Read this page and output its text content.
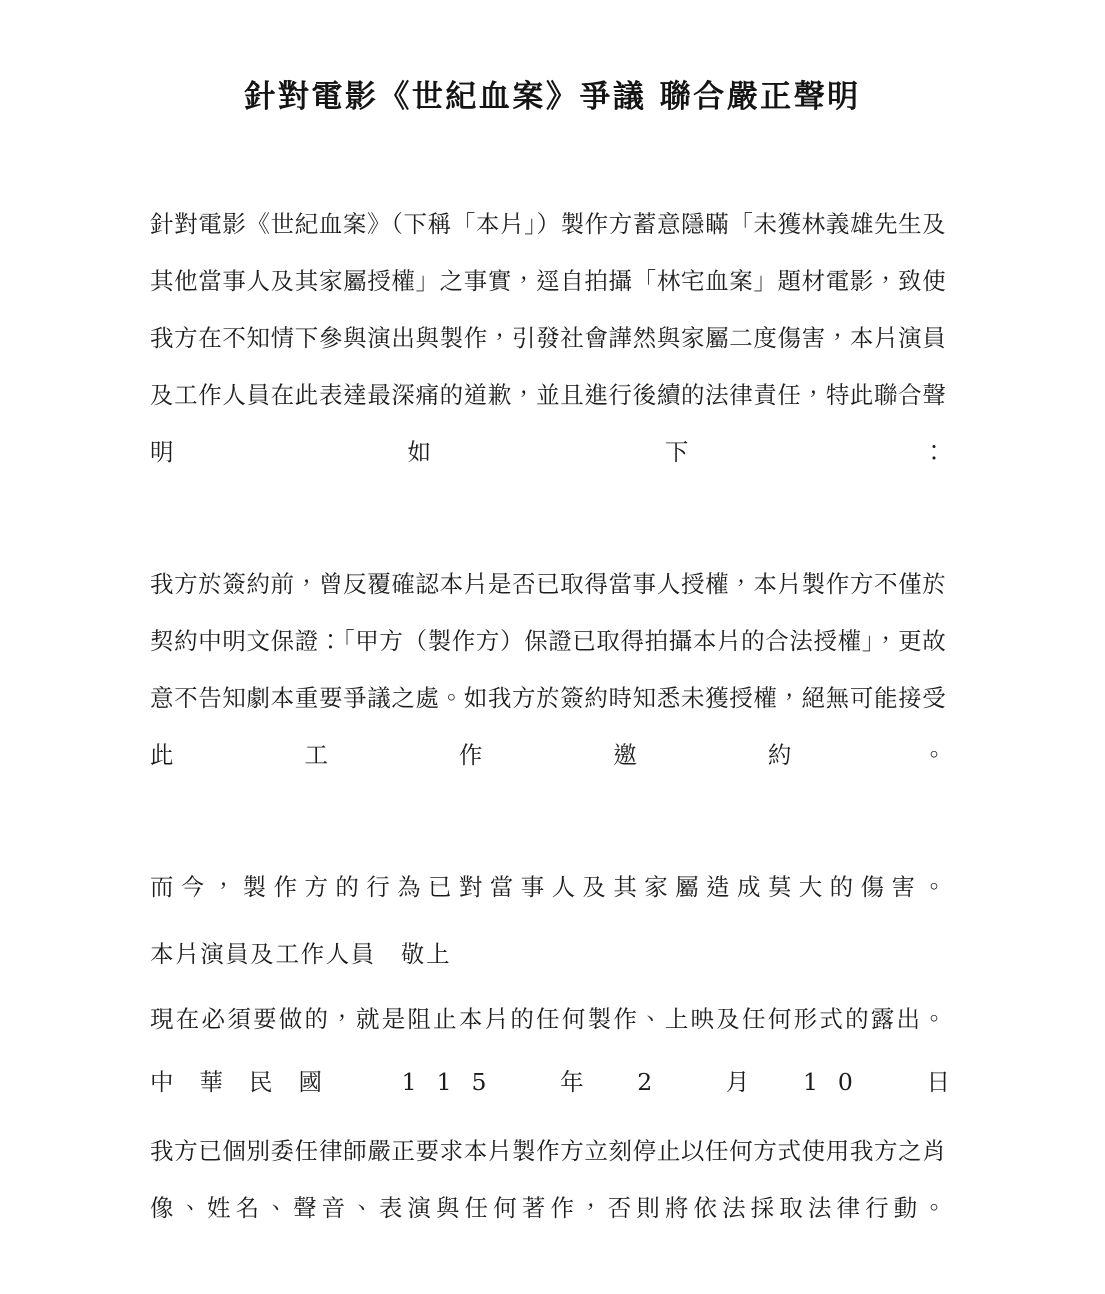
針對電影《世紀血案》爭議 聯合嚴正聲明

針對電影《世紀血案》（下稱「本片」）製作方蓄意隱瞞「未獲林義雄先生及其他當事人及其家屬授權」之事實，逕自拍攝「林宅血案」題材電影，致使我方在不知情下參與演出與製作，引發社會譁然與家屬二度傷害，本片演員及工作人員在此表達最深痛的道歉，並且進行後續的法律責任，特此聯合聲明如下：

我方於簽約前，曾反覆確認本片是否已取得當事人授權，本片製作方不僅於契約中明文保證：「甲方（製作方）保證已取得拍攝本片的合法授權」，更故意不告知劇本重要爭議之處。如我方於簽約時知悉未獲授權，絕無可能接受此工作邀約。

而今，製作方的行為已對當事人及其家屬造成莫大的傷害。

現在必須要做的，就是阻止本片的任何製作、上映及任何形式的露出。

我方已個別委任律師嚴正要求本片製作方立刻停止以任何方式使用我方之肖像、姓名、聲音、表演與任何著作，否則將依法採取法律行動。

本片演員及工作人員　敬上
中華民國 115 年 2 月 10 日
